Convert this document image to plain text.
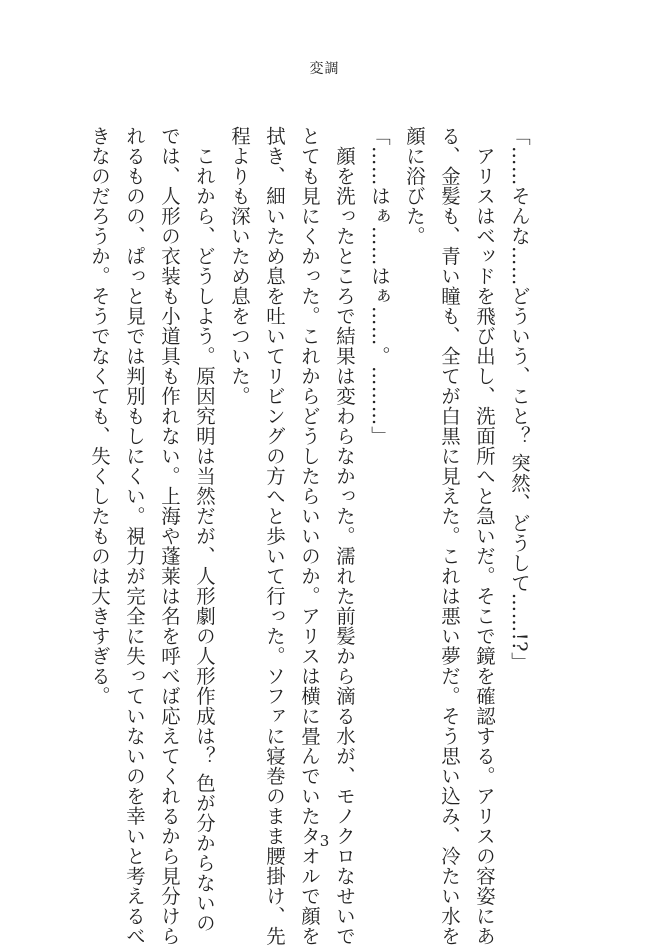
変調

「……そんな……どういう、こと？ 突然、どうして……!?」

　アリスはベッドを飛び出し、洗面所へと急いだ。そこで鏡を確認する。アリスの容姿にあ

る、金髪も、青い瞳も、全てが白黒に見えた。これは悪い夢だ。そう思い込み、冷たい水を

顔に浴びた。

「……はぁ……はぁ……。………」

　顔を洗ったところで結果は変わらなかった。濡れた前髪から滴る水が、モノクロなせいで

とても見にくかった。これからどうしたらいいのか。アリスは横に畳んでいたタオルで顔を

拭き、細いため息を吐いてリビングの方へと歩いて行った。ソファに寝巻のまま腰掛け、先

程よりも深いため息をついた。

　これから、どうしよう。原因究明は当然だが、人形劇の人形作成は？ 色が分からないの

では、人形の衣装も小道具も作れない。上海や蓬莱は名を呼べば応えてくれるから見分けら

れるものの、ぱっと見では判別もしにくい。視力が完全に失っていないのを幸いと考えるべ

きなのだろうか。そうでなくても、失くしたものは大きすぎる。

3
